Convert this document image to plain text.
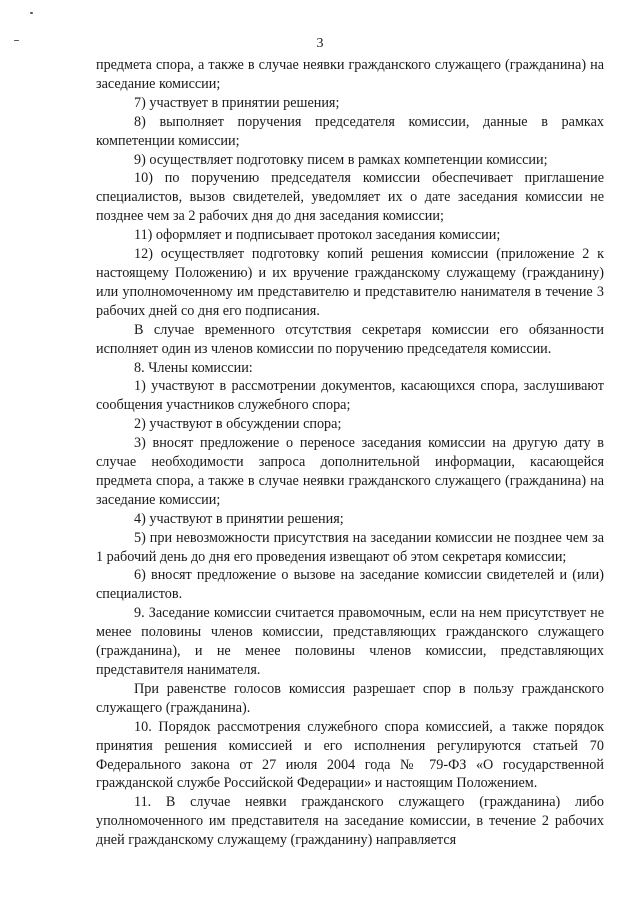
3

предмета спора, а также в случае неявки гражданского служащего (гражданина) на заседание комиссии;

7) участвует в принятии решения;

8) выполняет поручения председателя комиссии, данные в рамках компетенции комиссии;

9) осуществляет подготовку писем в рамках компетенции комиссии;

10) по поручению председателя комиссии обеспечивает приглашение специалистов, вызов свидетелей, уведомляет их о дате заседания комиссии не позднее чем за 2 рабочих дня до дня заседания комиссии;

11) оформляет и подписывает протокол заседания комиссии;

12) осуществляет подготовку копий решения комиссии (приложение 2 к настоящему Положению) и их вручение гражданскому служащему (гражданину) или уполномоченному им представителю и представителю нанимателя в течение 3 рабочих дней со дня его подписания.

В случае временного отсутствия секретаря комиссии его обязанности исполняет один из членов комиссии по поручению председателя комиссии.

8. Члены комиссии:

1) участвуют в рассмотрении документов, касающихся спора, заслушивают сообщения участников служебного спора;

2) участвуют в обсуждении спора;

3) вносят предложение о переносе заседания комиссии на другую дату в случае необходимости запроса дополнительной информации, касающейся предмета спора, а также в случае неявки гражданского служащего (гражданина) на заседание комиссии;

4) участвуют в принятии решения;

5) при невозможности присутствия на заседании комиссии не позднее чем за 1 рабочий день до дня его проведения извещают об этом секретаря комиссии;

6) вносят предложение о вызове на заседание комиссии свидетелей и (или) специалистов.

9. Заседание комиссии считается правомочным, если на нем присутствует не менее половины членов комиссии, представляющих гражданского служащего (гражданина), и не менее половины членов комиссии, представляющих представителя нанимателя.

При равенстве голосов комиссия разрешает спор в пользу гражданского служащего (гражданина).

10. Порядок рассмотрения служебного спора комиссией, а также порядок принятия решения комиссией и его исполнения регулируются статьей 70 Федерального закона от 27 июля 2004 года № 79-ФЗ «О государственной гражданской службе Российской Федерации» и настоящим Положением.

11. В случае неявки гражданского служащего (гражданина) либо уполномоченного им представителя на заседание комиссии, в течение 2 рабочих дней гражданскому служащему (гражданину) направляется
